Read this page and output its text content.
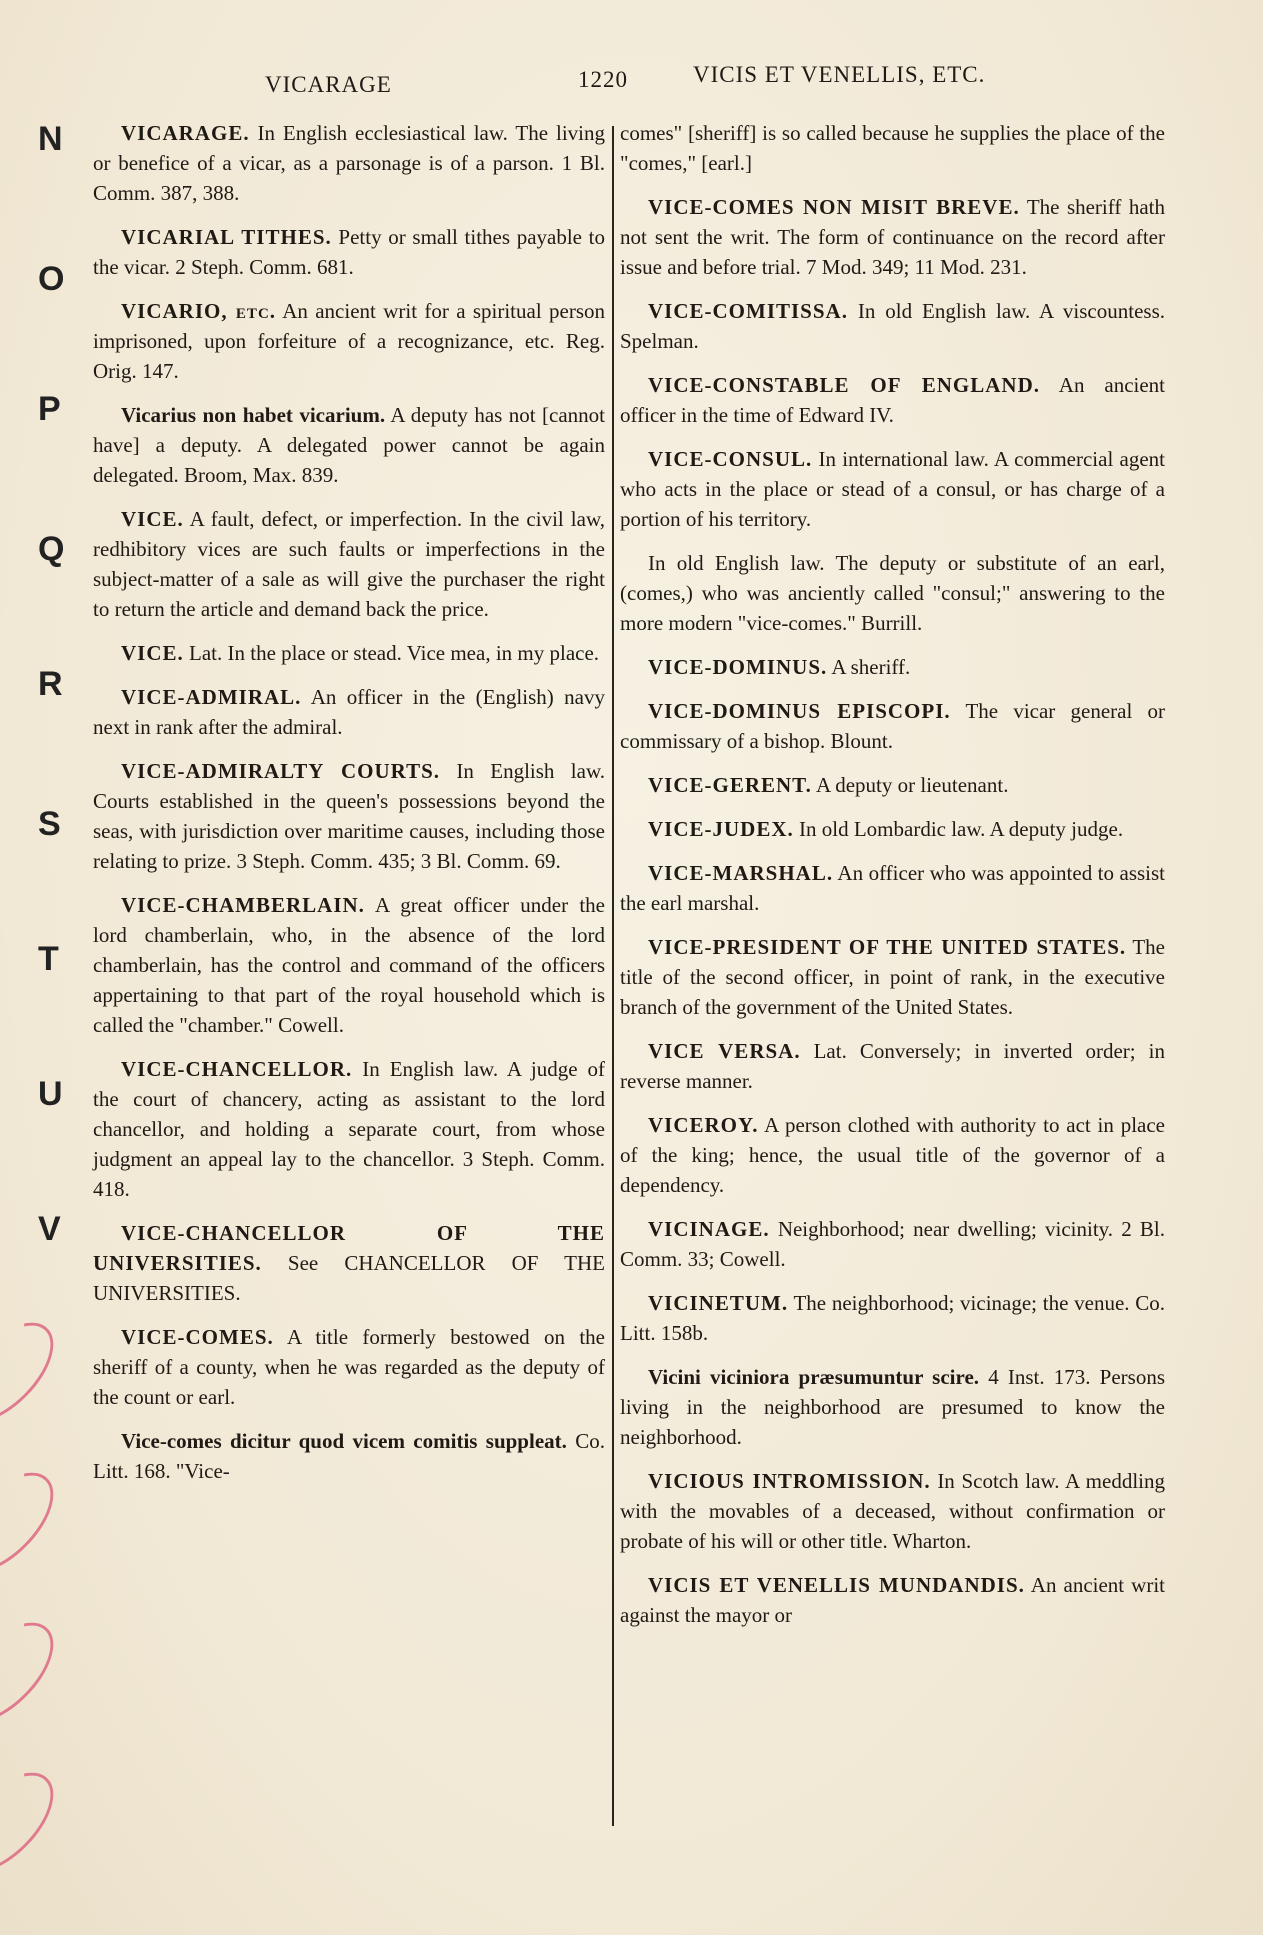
VICARAGE	1220	VICIS ET VENELLIS, ETC.
N
O
P
Q
R
S
T
U
V
VICARAGE. In English ecclesiastical law. The living or benefice of a vicar, as a parsonage is of a parson. 1 Bl. Comm. 387, 388.
VICARIAL TITHES. Petty or small tithes payable to the vicar. 2 Steph. Comm. 681.
VICARIO, etc. An ancient writ for a spiritual person imprisoned, upon forfeiture of a recognizance, etc. Reg. Orig. 147.
Vicarius non habet vicarium. A deputy has not [cannot have] a deputy. A delegated power cannot be again delegated. Broom, Max. 839.
VICE. A fault, defect, or imperfection. In the civil law, redhibitory vices are such faults or imperfections in the subject-matter of a sale as will give the purchaser the right to return the article and demand back the price.
VICE. Lat. In the place or stead. Vice mea, in my place.
VICE-ADMIRAL. An officer in the (English) navy next in rank after the admiral.
VICE-ADMIRALTY COURTS. In English law. Courts established in the queen's possessions beyond the seas, with jurisdiction over maritime causes, including those relating to prize. 3 Steph. Comm. 435; 3 Bl. Comm. 69.
VICE-CHAMBERLAIN. A great officer under the lord chamberlain, who, in the absence of the lord chamberlain, has the control and command of the officers appertaining to that part of the royal household which is called the "chamber." Cowell.
VICE-CHANCELLOR. In English law. A judge of the court of chancery, acting as assistant to the lord chancellor, and holding a separate court, from whose judgment an appeal lay to the chancellor. 3 Steph. Comm. 418.
VICE-CHANCELLOR OF THE UNIVERSITIES. See CHANCELLOR OF THE UNIVERSITIES.
VICE-COMES. A title formerly bestowed on the sheriff of a county, when he was regarded as the deputy of the count or earl.
Vice-comes dicitur quod vicem comitis suppleat. Co. Litt. 168. "Vice-
comes" [sheriff] is so called because he supplies the place of the "comes," [earl.]
VICE-COMES NON MISIT BREVE. The sheriff hath not sent the writ. The form of continuance on the record after issue and before trial. 7 Mod. 349; 11 Mod. 231.
VICE-COMITISSA. In old English law. A viscountess. Spelman.
VICE-CONSTABLE OF ENGLAND. An ancient officer in the time of Edward IV.
VICE-CONSUL. In international law. A commercial agent who acts in the place or stead of a consul, or has charge of a portion of his territory.
In old English law. The deputy or substitute of an earl, (comes,) who was anciently called "consul;" answering to the more modern "vice-comes." Burrill.
VICE-DOMINUS. A sheriff.
VICE-DOMINUS EPISCOPI. The vicar general or commissary of a bishop. Blount.
VICE-GERENT. A deputy or lieutenant.
VICE-JUDEX. In old Lombardic law. A deputy judge.
VICE-MARSHAL. An officer who was appointed to assist the earl marshal.
VICE-PRESIDENT OF THE UNITED STATES. The title of the second officer, in point of rank, in the executive branch of the government of the United States.
VICE VERSA. Lat. Conversely; in inverted order; in reverse manner.
VICEROY. A person clothed with authority to act in place of the king; hence, the usual title of the governor of a dependency.
VICINAGE. Neighborhood; near dwelling; vicinity. 2 Bl. Comm. 33; Cowell.
VICINETUM. The neighborhood; vicinage; the venue. Co. Litt. 158b.
Vicini viciniora præsumuntur scire. 4 Inst. 173. Persons living in the neighborhood are presumed to know the neighborhood.
VICIOUS INTROMISSION. In Scotch law. A meddling with the movables of a deceased, without confirmation or probate of his will or other title. Wharton.
VICIS ET VENELLIS MUNDANDIS. An ancient writ against the mayor or
